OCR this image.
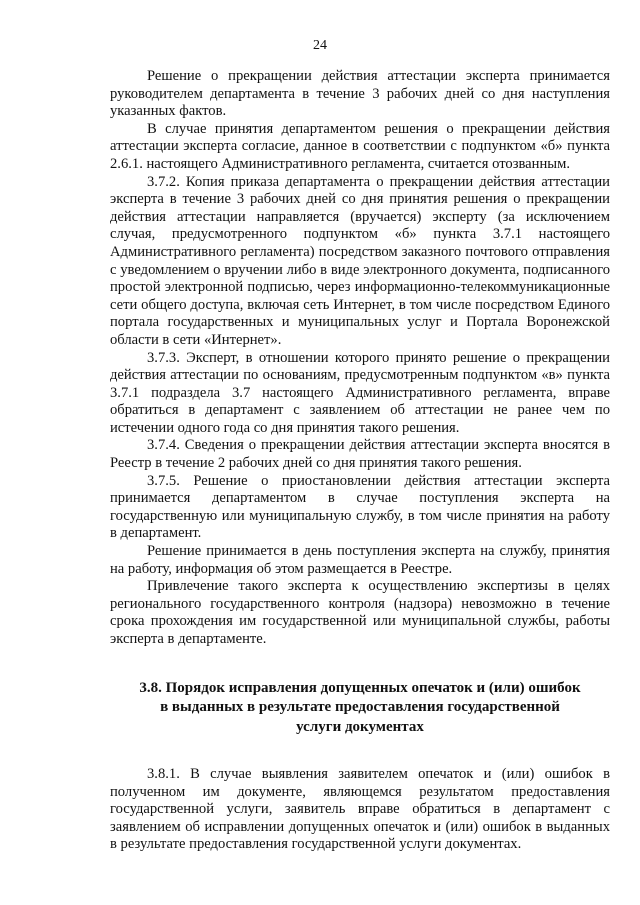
24

Решение о прекращении действия аттестации эксперта принимается руководителем департамента в течение 3 рабочих дней со дня наступления указанных фактов.

В случае принятия департаментом решения о прекращении действия аттестации эксперта согласие, данное в соответствии с подпунктом «б» пункта 2.6.1. настоящего Административного регламента, считается отозванным.

3.7.2. Копия приказа департамента о прекращении действия аттестации эксперта в течение 3 рабочих дней со дня принятия решения о прекращении действия аттестации направляется (вручается) эксперту (за исключением случая, предусмотренного подпунктом «б» пункта 3.7.1 настоящего Административного регламента) посредством заказного почтового отправления с уведомлением о вручении либо в виде электронного документа, подписанного простой электронной подписью, через информационно-телекоммуникационные сети общего доступа, включая сеть Интернет, в том числе посредством Единого портала государственных и муниципальных услуг и Портала Воронежской области в сети «Интернет».

3.7.3. Эксперт, в отношении которого принято решение о прекращении действия аттестации по основаниям, предусмотренным подпунктом «в» пункта 3.7.1 подраздела 3.7 настоящего Административного регламента, вправе обратиться в департамент с заявлением об аттестации не ранее чем по истечении одного года со дня принятия такого решения.

3.7.4. Сведения о прекращении действия аттестации эксперта вносятся в Реестр в течение 2 рабочих дней со дня принятия такого решения.

3.7.5. Решение о приостановлении действия аттестации эксперта принимается департаментом в случае поступления эксперта на государственную или муниципальную службу, в том числе принятия на работу в департамент.

Решение принимается в день поступления эксперта на службу, принятия на работу, информация об этом размещается в Реестре.

Привлечение такого эксперта к осуществлению экспертизы в целях регионального государственного контроля (надзора) невозможно в течение срока прохождения им государственной или муниципальной службы, работы эксперта в департаменте.

3.8. Порядок исправления допущенных опечаток и (или) ошибок
в выданных в результате предоставления государственной
услуги документах

3.8.1. В случае выявления заявителем опечаток и (или) ошибок в полученном им документе, являющемся результатом предоставления государственной услуги, заявитель вправе обратиться в департамент с заявлением об исправлении допущенных опечаток и (или) ошибок в выданных в результате предоставления государственной услуги документах.
